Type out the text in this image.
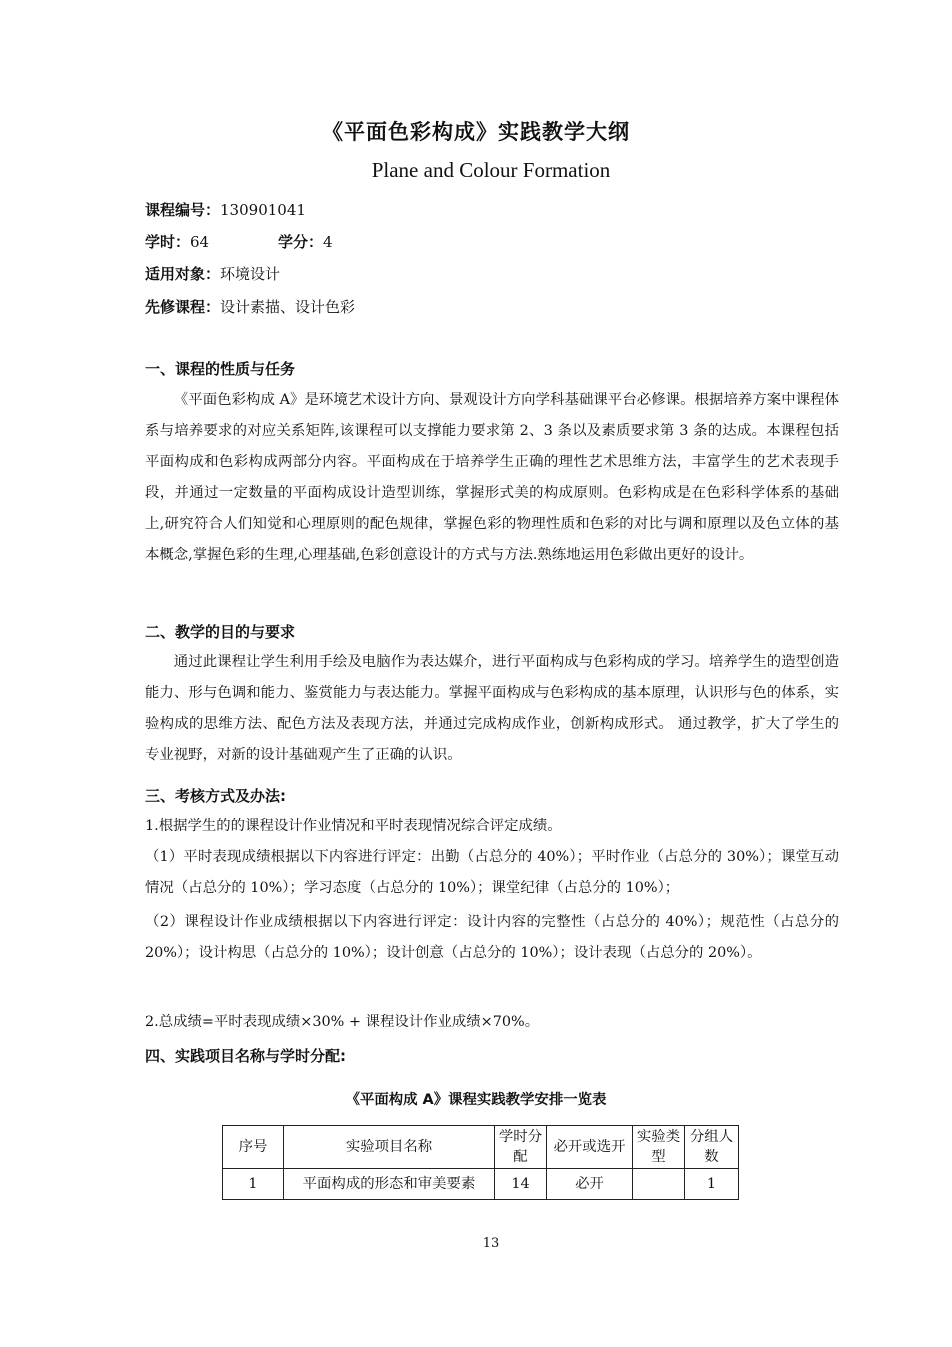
《平面色彩构成》实践教学大纲
Plane and Colour Formation
课程编号：130901041
学时：64	学分：4
适用对象：环境设计
先修课程：设计素描、设计色彩
一、课程的性质与任务

《平面色彩构成 A》是环境艺术设计方向、景观设计方向学科基础课平台必修课。根据培养方案中课程体系与培养要求的对应关系矩阵,该课程可以支撑能力要求第 2、3 条以及素质要求第 3 条的达成。本课程包括平面构成和色彩构成两部分内容。平面构成在于培养学生正确的理性艺术思维方法，丰富学生的艺术表现手段，并通过一定数量的平面构成设计造型训练，掌握形式美的构成原则。色彩构成是在色彩科学体系的基础上,研究符合人们知觉和心理原则的配色规律，掌握色彩的物理性质和色彩的对比与调和原理以及色立体的基本概念,掌握色彩的生理,心理基础,色彩创意设计的方式与方法.熟练地运用色彩做出更好的设计。

二、教学的目的与要求

通过此课程让学生利用手绘及电脑作为表达媒介，进行平面构成与色彩构成的学习。培养学生的造型创造能力、形与色调和能力、鉴赏能力与表达能力。掌握平面构成与色彩构成的基本原理，认识形与色的体系，实验构成的思维方法、配色方法及表现方法，并通过完成构成作业，创新构成形式。 通过教学，扩大了学生的专业视野，对新的设计基础观产生了正确的认识。

三、考核方式及办法:

1.根据学生的的课程设计作业情况和平时表现情况综合评定成绩。

（1）平时表现成绩根据以下内容进行评定：出勤（占总分的 40%）；平时作业（占总分的 30%）；课堂互动情况（占总分的 10%）；学习态度（占总分的 10%）；课堂纪律（占总分的 10%）；

（2）课程设计作业成绩根据以下内容进行评定：设计内容的完整性（占总分的 40%）；规范性（占总分的 20%）；设计构思（占总分的 10%）；设计创意（占总分的 10%）；设计表现（占总分的 20%）。

2.总成绩=平时表现成绩×30% + 课程设计作业成绩×70%。

四、实践项目名称与学时分配:
《平面构成 A》课程实践教学安排一览表
序号	实验项目名称	学时分配	必开或选开	实验类型	分组人数
1	平面构成的形态和审美要素	14	必开		1
13
